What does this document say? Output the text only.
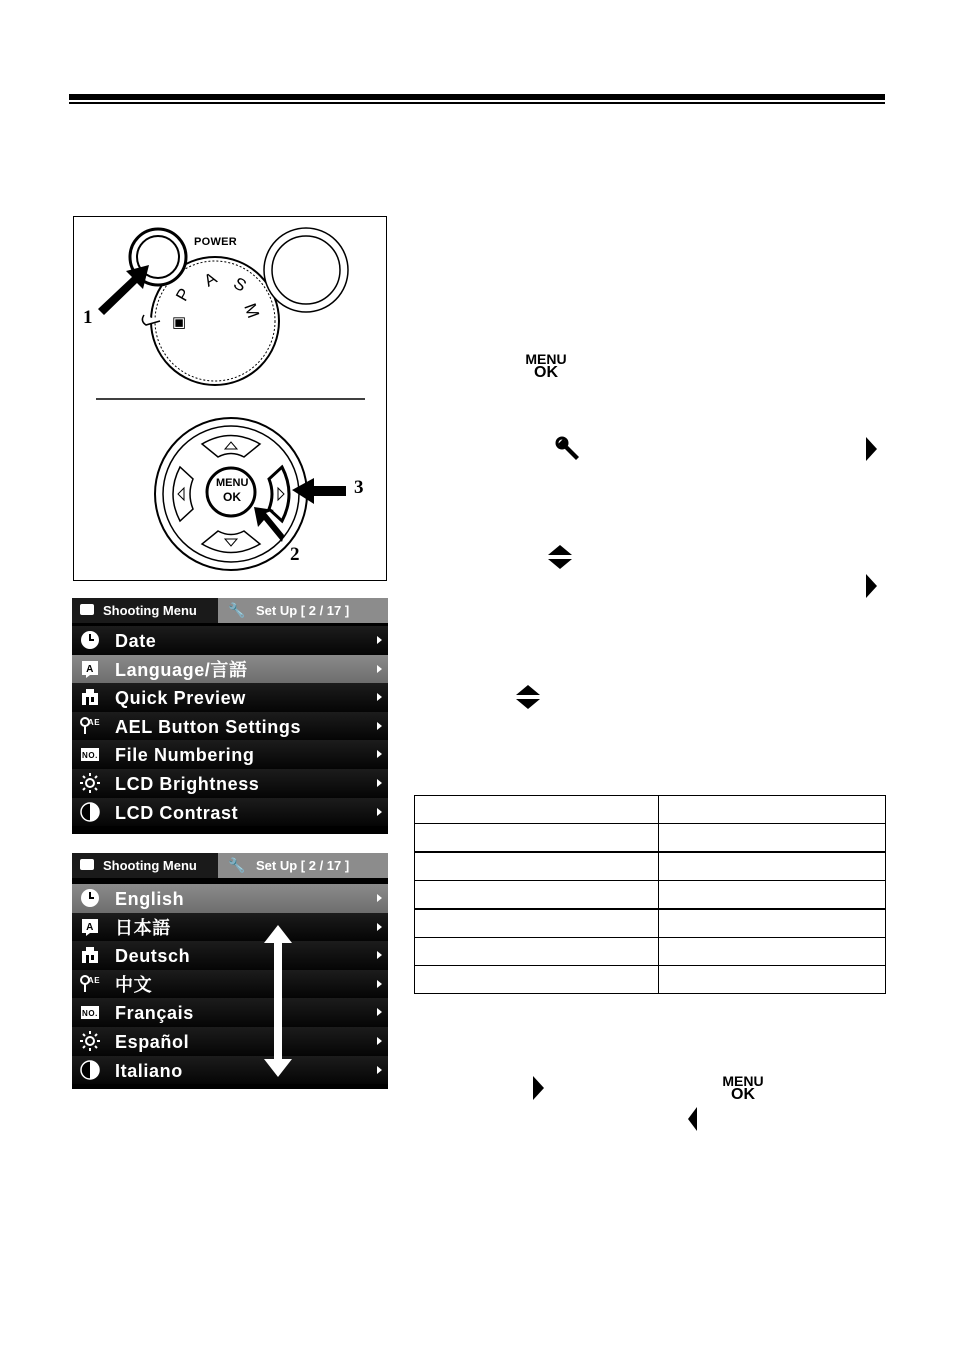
POWER
A S
M
P
▣
MENU
OK
1
2
3
Shooting Menu 🔧 Set Up [ 2 / 17 ]
Date
A Language/言語
Quick Preview
AE AEL Button Settings
NO. File Numbering
LCD Brightness
LCD Contrast
Shooting Menu 🔧 Set Up [ 2 / 17 ]
English
A 日本語
Deutsch
AE 中文
NO. Français
Español
Italiano
MENU
OK

MENU
OK
